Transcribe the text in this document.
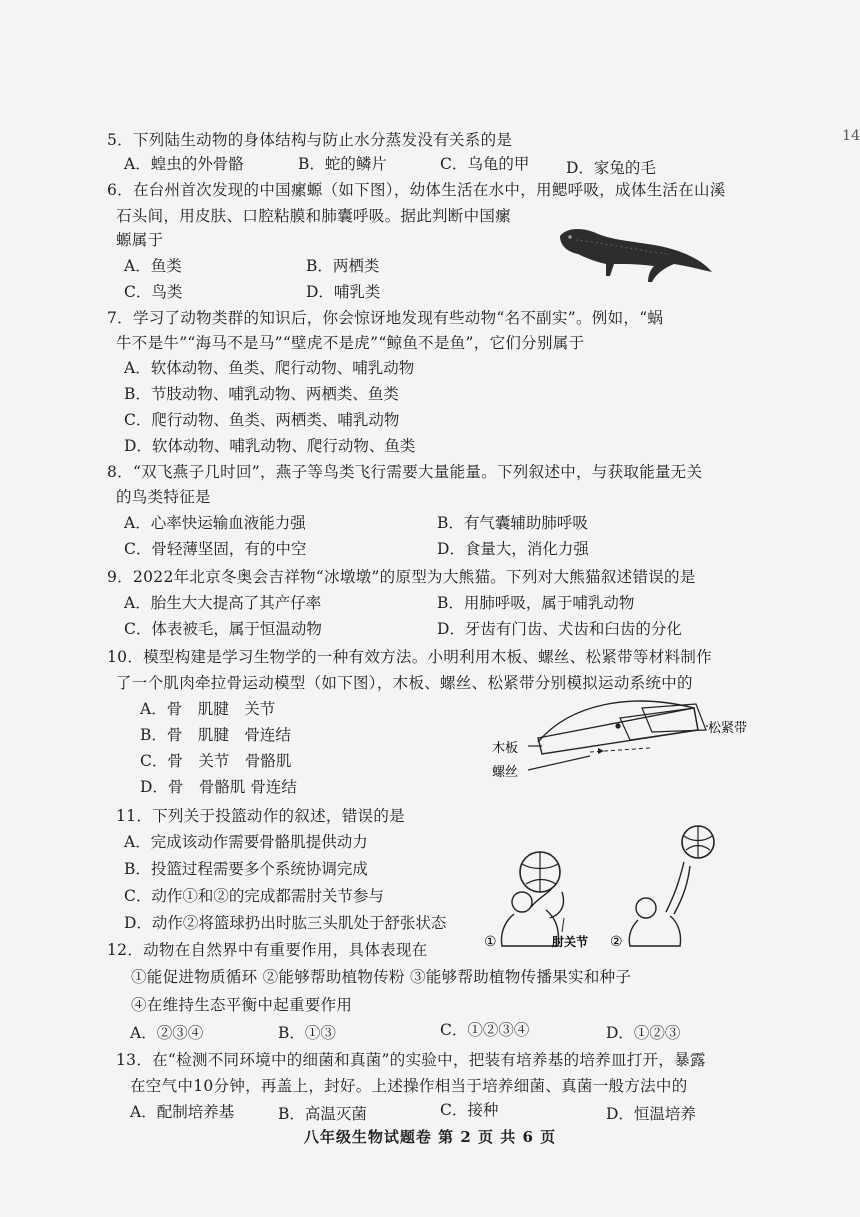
14
5．下列陆生动物的身体结构与防止水分蒸发没有关系的是
A．蝗虫的外骨骼	B．蛇的鳞片	C．乌龟的甲 D．家兔的毛
6．在台州首次发现的中国瘰螈（如下图），幼体生活在水中，用鳃呼吸，成体生活在山溪
石头间，用皮肤、口腔粘膜和肺囊呼吸。据此判断中国瘰
螈属于
A．鱼类	B．两栖类
C．鸟类	D．哺乳类
7．学习了动物类群的知识后，你会惊讶地发现有些动物“名不副实”。例如，“蜗
牛不是牛”“海马不是马”“壁虎不是虎”“鲸鱼不是鱼”，它们分别属于
A．软体动物、鱼类、爬行动物、哺乳动物
B．节肢动物、哺乳动物、两栖类、鱼类
C．爬行动物、鱼类、两栖类、哺乳动物
D．软体动物、哺乳动物、爬行动物、鱼类
8．“双飞燕子几时回”，燕子等鸟类飞行需要大量能量。下列叙述中，与获取能量无关
的鸟类特征是
A．心率快运输血液能力强	B．有气囊辅助肺呼吸
C．骨轻薄坚固，有的中空	D．食量大，消化力强
9．2022年北京冬奥会吉祥物“冰墩墩”的原型为大熊猫。下列对大熊猫叙述错误的是
A．胎生大大提高了其产仔率	B．用肺呼吸，属于哺乳动物
C．体表被毛，属于恒温动物	D．牙齿有门齿、犬齿和臼齿的分化
10．模型构建是学习生物学的一种有效方法。小明利用木板、螺丝、松紧带等材料制作
了一个肌肉牵拉骨运动模型（如下图），木板、螺丝、松紧带分别模拟运动系统中的
A．骨　肌腱　关节
B．骨　肌腱　骨连结
C．骨　关节　骨骼肌
D．骨　骨骼肌 骨连结
木板
螺丝
松紧带
11．下列关于投篮动作的叙述，错误的是
A．完成该动作需要骨骼肌提供动力
B．投篮过程需要多个系统协调完成
C．动作①和②的完成都需肘关节参与
D．动作②将篮球扔出时肱三头肌处于舒张状态
①	肘关节 ②
12．动物在自然界中有重要作用，具体表现在
①能促进物质循环 ②能够帮助植物传粉 ③能够帮助植物传播果实和种子
④在维持生态平衡中起重要作用
A．②③④	B．①③	C．①②③④	D．①②③
13．在“检测不同环境中的细菌和真菌”的实验中，把装有培养基的培养皿打开，暴露
在空气中10分钟，再盖上，封好。上述操作相当于培养细菌、真菌一般方法中的
A．配制培养基	B．高温灭菌	C．接种	D．恒温培养
八年级生物试题卷 第 2 页 共 6 页
